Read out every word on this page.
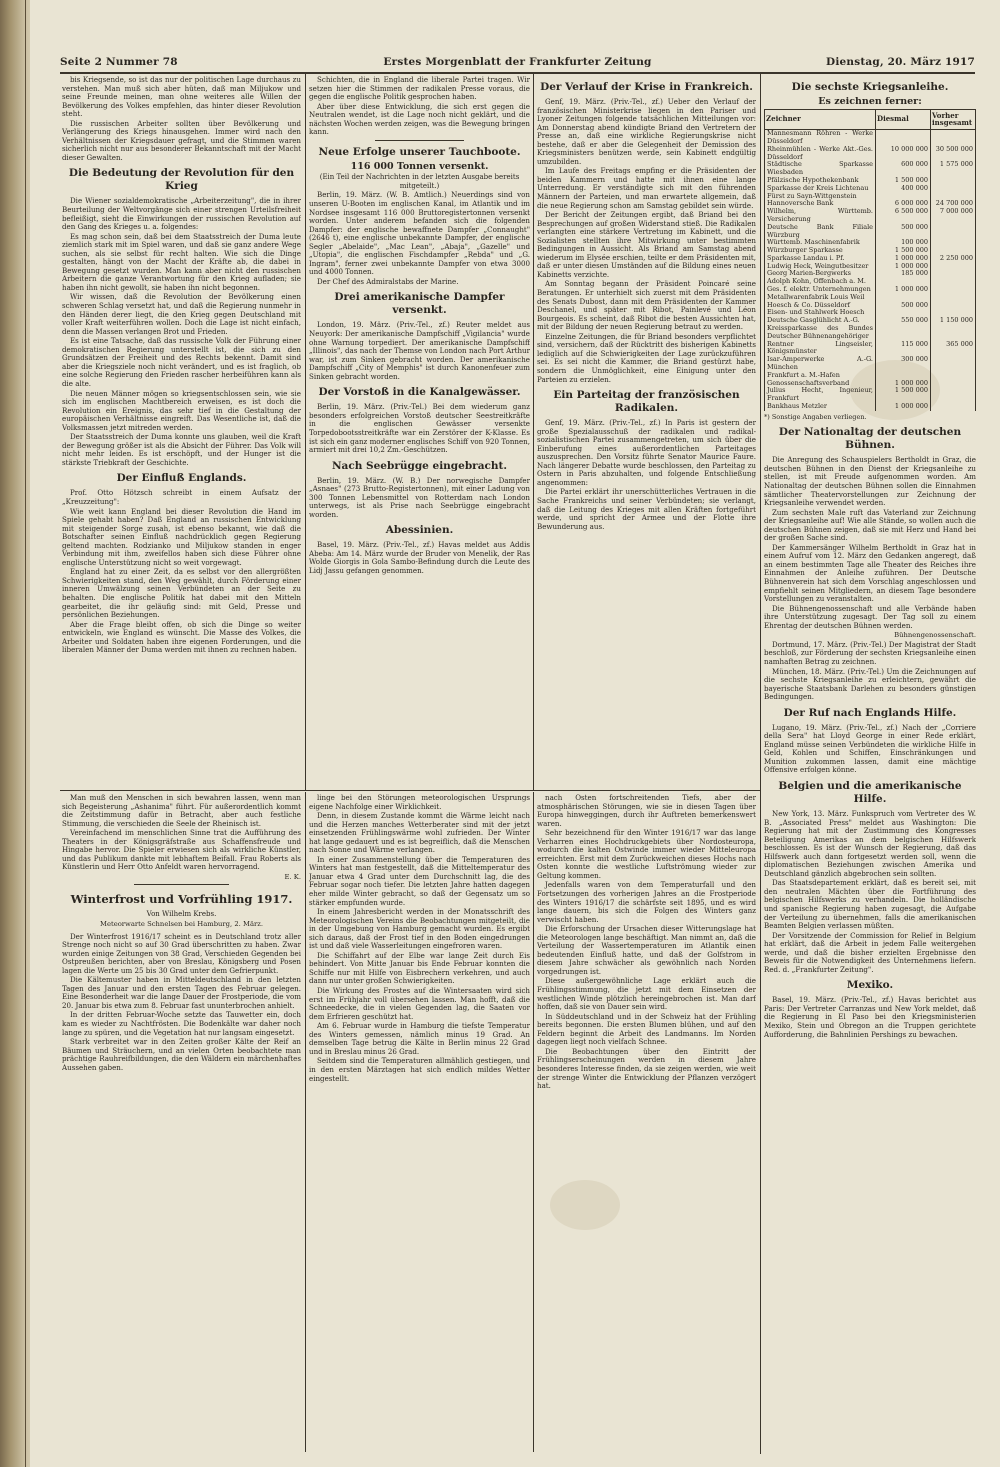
Seite 2 Nummer 78	Erstes Morgenblatt der Frankfurter Zeitung	Dienstag, 20. März 1917

bis Kriegsende, so ist das nur der politischen Lage durchaus zu verstehen. Man muß sich aber hüten, daß man Miljukow und seine Freunde meinen, man ohne weiteres alle Willen der Bevölkerung des Volkes empfehlen, das hinter dieser Revolution steht.

Die russischen Arbeiter sollten über Bevölkerung und Verlängerung des Kriegs hinausgehen. Immer wird nach den Verhältnissen der Kriegsdauer gefragt, und die Stimmen waren sicherlich nicht nur aus besonderer Bekanntschaft mit der Macht dieser Gewalten.

Die Bedeutung der Revolution für den Krieg

Die Wiener sozialdemokratische „Arbeiterzeitung", die in ihrer Beurteilung der Weltvorgänge sich einer strengen Urteilsfreiheit befleißigt, sieht die Einwirkungen der russischen Revolution auf den Gang des Krieges u. a. folgendes:

Es mag schon sein, daß bei dem Staatsstreich der Duma leute ziemlich stark mit im Spiel waren, und daß sie ganz andere Wege suchen, als sie selbst für recht halten. Wie sich die Dinge gestalten, hängt von der Macht der Kräfte ab, die dabei in Bewegung gesetzt wurden. Man kann aber nicht den russischen Arbeitern die ganze Verantwortung für den Krieg aufladen; sie haben ihn nicht gewollt, sie haben ihn nicht begonnen.

Wir wissen, daß die Revolution der Bevölkerung einen schweren Schlag versetzt hat, und daß die Regierung nunmehr in den Händen derer liegt, die den Krieg gegen Deutschland mit voller Kraft weiterführen wollen. Doch die Lage ist nicht einfach, denn die Massen verlangen Brot und Frieden.

Es ist eine Tatsache, daß das russische Volk der Führung einer demokratischen Regierung unterstellt ist, die sich zu den Grundsätzen der Freiheit und des Rechts bekennt. Damit sind aber die Kriegsziele noch nicht verändert, und es ist fraglich, ob eine solche Regierung den Frieden rascher herbeiführen kann als die alte.

Die neuen Männer mögen so kriegsentschlossen sein, wie sie sich im englischen Machtbereich erweisen, es ist doch die Revolution ein Ereignis, das sehr tief in die Gestaltung der europäischen Verhältnisse eingreift. Das Wesentliche ist, daß die Volksmassen jetzt mitreden werden.

Der Staatsstreich der Duma konnte uns glauben, weil die Kraft der Bewegung größer ist als die Absicht der Führer. Das Volk will nicht mehr leiden. Es ist erschöpft, und der Hunger ist die stärkste Triebkraft der Geschichte.

Der Einfluß Englands.

Prof. Otto Hötzsch schreibt in einem Aufsatz der „Kreuzzeitung":

Wie weit kann England bei dieser Revolution die Hand im Spiele gehabt haben? Daß England an russischen Entwicklung mit steigender Sorge zusah, ist ebenso bekannt, wie daß die Botschafter seinen Einfluß nachdrücklich gegen Regierung geltend machten. Rodzianko und Miljukow standen in enger Verbindung mit ihm, zweifellos haben sich diese Führer ohne englische Unterstützung nicht so weit vorgewagt.

England hat zu einer Zeit, da es selbst vor den allergrößten Schwierigkeiten stand, den Weg gewählt, durch Förderung einer inneren Umwälzung seinen Verbündeten an der Seite zu behalten. Die englische Politik hat dabei mit den Mitteln gearbeitet, die ihr geläufig sind: mit Geld, Presse und persönlichen Beziehungen.

Aber die Frage bleibt offen, ob sich die Dinge so weiter entwickeln, wie England es wünscht. Die Masse des Volkes, die Arbeiter und Soldaten haben ihre eigenen Forderungen, und die liberalen Männer der Duma werden mit ihnen zu rechnen haben.

Schichten, die in England die liberale Partei tragen. Wir setzen hier die Stimmen der radikalen Presse voraus, die gegen die englische Politik gesprochen haben.

Aber über diese Entwicklung, die sich erst gegen die Neutralen wendet, ist die Lage noch nicht geklärt, und die nächsten Wochen werden zeigen, was die Bewegung bringen kann.

Neue Erfolge unserer Tauchboote.
116 000 Tonnen versenkt.

(Ein Teil der Nachrichten in der letzten Ausgabe bereits mitgeteilt.)

Berlin, 19. März. (W. B. Amtlich.) Neuerdings sind von unseren U-Booten im englischen Kanal, im Atlantik und im Nordsee insgesamt 116 000 Bruttoregistertonnen versenkt worden. Unter anderem befanden sich die folgenden Dampfer: der englische bewaffnete Dampfer „Connaught" (2646 t), eine englische unbekannte Dampfer, der englische Segler „Abelaide", „Mac Lean", „Abaja", „Gazelle" und „Utopia", die englischen Fischdampfer „Rebda" und „G. Ingram", ferner zwei unbekannte Dampfer von etwa 3000 und 4000 Tonnen.

Der Chef des Admiralstabs der Marine.

Drei amerikanische Dampfer versenkt.

London, 19. März. (Priv.-Tel., zf.) Reuter meldet aus Neuyork: Der amerikanische Dampfschiff „Vigilancia" wurde ohne Warnung torpediert. Der amerikanische Dampfschiff „Illinois", das nach der Themse von London nach Port Arthur war, ist zum Sinken gebracht worden. Der amerikanische Dampfschiff „City of Memphis" ist durch Kanonenfeuer zum Sinken gebracht worden.

Der Vorstoß in die Kanalgewässer.

Berlin, 19. März. (Priv.-Tel.) Bei dem wiederum ganz besonders erfolgreichen Vorstoß deutscher Seestreitkräfte in die englischen Gewässer versenkte Torpedobootsstreitkräfte war ein Zerstörer der K-Klasse. Es ist sich ein ganz moderner englisches Schiff von 920 Tonnen, armiert mit drei 10,2 Zm.-Geschützen.

Nach Seebrügge eingebracht.

Berlin, 19. März. (W. B.) Der norwegische Dampfer „Asnaes" (273 Brutto-Registertonnen), mit einer Ladung von 300 Tonnen Lebensmittel von Rotterdam nach London unterwegs, ist als Prise nach Seebrügge eingebracht worden.

Abessinien.

Basel, 19. März. (Priv.-Tel., zf.) Havas meldet aus Addis Abeba: Am 14. März wurde der Bruder von Menelik, der Ras Wolde Giorgis in Gola Sambo-Befindung durch die Leute des Lidj Jassu gefangen genommen.

Der Verlauf der Krise in Frankreich.

Genf, 19. März. (Priv.-Tel., zf.) Ueber den Verlauf der französischen Ministerkrise liegen in den Pariser und Lyoner Zeitungen folgende tatsächlichen Mitteilungen vor: Am Donnerstag abend kündigte Briand den Vertretern der Presse an, daß eine wirkliche Regierungskrise nicht bestehe, daß er aber die Gelegenheit der Demission des Kriegsministers benützen werde, sein Kabinett endgültig umzubilden.

Im Laufe des Freitags empfing er die Präsidenten der beiden Kammern und hatte mit ihnen eine lange Unterredung. Er verständigte sich mit den führenden Männern der Parteien, und man erwartete allgemein, daß die neue Regierung schon am Samstag gebildet sein würde.

Der Bericht der Zeitungen ergibt, daß Briand bei den Besprechungen auf großen Widerstand stieß. Die Radikalen verlangten eine stärkere Vertretung im Kabinett, und die Sozialisten stellten ihre Mitwirkung unter bestimmten Bedingungen in Aussicht. Als Briand am Samstag abend wiederum im Elysée erschien, teilte er dem Präsidenten mit, daß er unter diesen Umständen auf die Bildung eines neuen Kabinetts verzichte.

Am Sonntag begann der Präsident Poincaré seine Beratungen. Er unterhielt sich zuerst mit dem Präsidenten des Senats Dubost, dann mit dem Präsidenten der Kammer Deschanel, und später mit Ribot, Painlevé und Léon Bourgeois. Es scheint, daß Ribot die besten Aussichten hat, mit der Bildung der neuen Regierung betraut zu werden.

Einzelne Zeitungen, die für Briand besonders verpflichtet sind, versichern, daß der Rücktritt des bisherigen Kabinetts lediglich auf die Schwierigkeiten der Lage zurückzuführen sei. Es sei nicht die Kammer, die Briand gestürzt habe, sondern die Unmöglichkeit, eine Einigung unter den Parteien zu erzielen.

Ein Parteitag der französischen Radikalen.

Genf, 19. März. (Priv.-Tel., zf.) In Paris ist gestern der große Spezialausschuß der radikalen und radikal-sozialistischen Partei zusammengetreten, um sich über die Einberufung eines außerordentlichen Parteitages auszusprechen. Den Vorsitz führte Senator Maurice Faure. Nach längerer Debatte wurde beschlossen, den Parteitag zu Ostern in Paris abzuhalten, und folgende Entschließung angenommen:

Die Partei erklärt ihr unerschütterliches Vertrauen in die Sache Frankreichs und seiner Verbündeten; sie verlangt, daß die Leitung des Krieges mit allen Kräften fortgeführt werde, und spricht der Armee und der Flotte ihre Bewunderung aus.

Die sechste Kriegsanleihe.
Es zeichnen ferner:
Zeichner	Diesmal	Vorher insgesamt
Mannesmann Röhren - Werke Düsseldorf		
Rheinmühlen - Werke Akt.-Ges. Düsseldorf	10 000 000	30 500 000
Städtische Sparkasse Wiesbaden	600 000	1 575 000
Pfälzische Hypothekenbank	1 500 000	
Sparkasse der Kreis Lichtenau	400 000	
Fürst zu Sayn-Wittgenstein		
Hannoversche Bank	6 000 000	24 700 000
Wilhelm, Württemb. Versicherung	6 500 000	7 000 000
Deutsche Bank Filiale Würzburg	500 000	
Württemb. Maschinenfabrik	100 000	
Würzburger Sparkasse	1 500 000	
Sparkasse Landau i. Pf.	1 000 000	2 250 000
Ludwig Heck, Weingutbesitzer	1 000 000	
Georg Marien-Bergwerks	185 000	
Adolph Kohn, Offenbach a. M.		
Ges. f. elektr. Unternehmungen	1 000 000	
Metallwarenfabrik Louis Weil		
Hoesch & Co. Düsseldorf	500 000	
Eisen- und Stahlwerk Hoesch		
Deutsche Gasglühlicht A.-G.	550 000	1 150 000
Kreissparkasse des Bundes Deutscher Bühnenangehöriger		
Rentner Lingseisler, Königsmünster	115 000	365 000
Isar-Amperwerke A.-G. München	300 000	
Frankfurt a. M.-Hafen		
Genossenschaftsverband	1 000 000	
Julius Hecht, Ingenieur, Frankfurt	1 500 000	
Bankhaus Metzler	1 000 000	

*) Sonstige Angaben verliegen.

Der Nationaltag der deutschen Bühnen.

Die Anregung des Schauspielers Bertholdt in Graz, die deutschen Bühnen in den Dienst der Kriegsanleihe zu stellen, ist mit Freude aufgenommen worden. Am Nationaltag der deutschen Bühnen sollen die Einnahmen sämtlicher Theatervorstellungen zur Zeichnung der Kriegsanleihe verwendet werden.

Zum sechsten Male ruft das Vaterland zur Zeichnung der Kriegsanleihe auf! Wie alle Stände, so wollen auch die deutschen Bühnen zeigen, daß sie mit Herz und Hand bei der großen Sache sind.

Der Kammersänger Wilhelm Bertholdt in Graz hat in einem Aufruf vom 12. März den Gedanken angeregt, daß an einem bestimmten Tage alle Theater des Reiches ihre Einnahmen der Anleihe zuführen. Der Deutsche Bühnenverein hat sich dem Vorschlag angeschlossen und empfiehlt seinen Mitgliedern, an diesem Tage besondere Vorstellungen zu veranstalten.

Die Bühnengenossenschaft und alle Verbände haben ihre Unterstützung zugesagt. Der Tag soll zu einem Ehrentag der deutschen Bühnen werden.

Bühnengenossenschaft.

Dortmund, 17. März. (Priv.-Tel.) Der Magistrat der Stadt beschloß, zur Förderung der sechsten Kriegsanleihe einen namhaften Betrag zu zeichnen.

München, 18. März. (Priv.-Tel.) Um die Zeichnungen auf die sechste Kriegsanleihe zu erleichtern, gewährt die bayerische Staatsbank Darlehen zu besonders günstigen Bedingungen.

Der Ruf nach Englands Hilfe.

Lugano, 19. März. (Priv.-Tel., zf.) Nach der „Corriere della Sera" hat Lloyd George in einer Rede erklärt, England müsse seinen Verbündeten die wirkliche Hilfe in Geld, Kohlen und Schiffen, Einschränkungen und Munition zukommen lassen, damit eine mächtige Offensive erfolgen könne.

Belgien und die amerikanische Hilfe.

New York, 13. März. Funkspruch vom Vertreter des W. B. „Associated Press" meldet aus Washington: Die Regierung hat mit der Zustimmung des Kongresses Beteiligung Amerikas an dem belgischen Hilfswerk beschlossen. Es ist der Wunsch der Regierung, daß das Hilfswerk auch dann fortgesetzt werden soll, wenn die diplomatischen Beziehungen zwischen Amerika und Deutschland gänzlich abgebrochen sein sollten.

Das Staatsdepartement erklärt, daß es bereit sei, mit den neutralen Mächten über die Fortführung des belgischen Hilfswerks zu verhandeln. Die holländische und spanische Regierung haben zugesagt, die Aufgabe der Verteilung zu übernehmen, falls die amerikanischen Beamten Belgien verlassen müßten.

Der Vorsitzende der Commission for Relief in Belgium hat erklärt, daß die Arbeit in jedem Falle weitergehen werde, und daß die bisher erzielten Ergebnisse den Beweis für die Notwendigkeit des Unternehmens liefern. Red. d. „Frankfurter Zeitung".

Mexiko.

Basel, 19. März. (Priv.-Tel., zf.) Havas berichtet aus Paris: Der Vertreter Carranzas und New York meldet, daß die Regierung in El Paso bei den Kriegsministerien Mexiko, Stein und Obregon an die Truppen gerichtete Aufforderung, die Bahnlinien Pershings zu bewachen.

Man muß den Menschen in sich bewahren lassen, wenn man sich Begeisterung „Ashanima" führt. Für außerordentlich kommt die Zeitstimmung dafür in Betracht, aber auch festliche Stimmung, die verschieden die Seele der Rheinisch ist.

Vereinfachend im menschlichen Sinne trat die Aufführung des Theaters in der Königsgräfstraße aus Schaffensfreude und Hingabe hervor. Die Spieler erwiesen sich als wirkliche Künstler, und das Publikum dankte mit lebhaftem Beifall. Frau Roberts als Künstlerin und Herr Otto Anfeldt waren hervorragend.

E. K.

Winterfrost und Vorfrühling 1917.

Von Wilhelm Krebs.

Meteorwarte Schnelsen bei Hamburg, 2. März.

Der Winterfrost 1916/17 scheint es in Deutschland trotz aller Strenge noch nicht so auf 30 Grad überschritten zu haben. Zwar wurden einige Zeitungen von 38 Grad, Verschieden Gegenden bei Ostpreußen berichten, aber von Breslau, Königsberg und Posen lagen die Werte um 25 bis 30 Grad unter dem Gefrierpunkt.

Die Kältemuster haben in Mitteldeutschland in den letzten Tagen des Januar und den ersten Tagen des Februar gelegen. Eine Besonderheit war die lange Dauer der Frostperiode, die vom 20. Januar bis etwa zum 8. Februar fast ununterbrochen anhielt.

In der dritten Februar-Woche setzte das Tauwetter ein, doch kam es wieder zu Nachtfrösten. Die Bodenkälte war daher noch lange zu spüren, und die Vegetation hat nur langsam eingesetzt.

Stark verbreitet war in den Zeiten großer Kälte der Reif an Bäumen und Sträuchern, und an vielen Orten beobachtete man prächtige Rauhreifbildungen, die den Wäldern ein märchenhaftes Aussehen gaben.

linge bei den Störungen meteorologischen Ursprungs eigene Nachfolge einer Wirklichkeit.

Denn, in diesem Zustande kommt die Wärme leicht nach und die Herzen manches Wetterberater sind mit der jetzt einsetzenden Frühlingswärme wohl zufrieden. Der Winter hat lange gedauert und es ist begreiflich, daß die Menschen nach Sonne und Wärme verlangen.

In einer Zusammenstellung über die Temperaturen des Winters hat man festgestellt, daß die Mitteltemperatur des Januar etwa 4 Grad unter dem Durchschnitt lag, die des Februar sogar noch tiefer. Die letzten Jahre hatten dagegen eher milde Winter gebracht, so daß der Gegensatz um so stärker empfunden wurde.

In einem Jahresbericht werden in der Monatsschrift des Meteorologischen Vereins die Beobachtungen mitgeteilt, die in der Umgebung von Hamburg gemacht wurden. Es ergibt sich daraus, daß der Frost tief in den Boden eingedrungen ist und daß viele Wasserleitungen eingefroren waren.

Die Schiffahrt auf der Elbe war lange Zeit durch Eis behindert. Von Mitte Januar bis Ende Februar konnten die Schiffe nur mit Hilfe von Eisbrechern verkehren, und auch dann nur unter großen Schwierigkeiten.

Die Wirkung des Frostes auf die Wintersaaten wird sich erst im Frühjahr voll übersehen lassen. Man hofft, daß die Schneedecke, die in vielen Gegenden lag, die Saaten vor dem Erfrieren geschützt hat.

Am 6. Februar wurde in Hamburg die tiefste Temperatur des Winters gemessen, nämlich minus 19 Grad. An demselben Tage betrug die Kälte in Berlin minus 22 Grad und in Breslau minus 26 Grad.

Seitdem sind die Temperaturen allmählich gestiegen, und in den ersten Märztagen hat sich endlich mildes Wetter eingestellt.

nach Osten fortschreitenden Tiefs, aber der atmosphärischen Störungen, wie sie in diesen Tagen über Europa hinweggingen, durch ihr Auftreten bemerkenswert waren.

Sehr bezeichnend für den Winter 1916/17 war das lange Verharren eines Hochdruckgebiets über Nordosteuropa, wodurch die kalten Ostwinde immer wieder Mitteleuropa erreichten. Erst mit dem Zurückweichen dieses Hochs nach Osten konnte die westliche Luftströmung wieder zur Geltung kommen.

Jedenfalls waren von dem Temperaturfall und den Fortsetzungen des vorherigen Jahres an die Frostperiode des Winters 1916/17 die schärfste seit 1895, und es wird lange dauern, bis sich die Folgen des Winters ganz verwischt haben.

Die Erforschung der Ursachen dieser Witterungslage hat die Meteorologen lange beschäftigt. Man nimmt an, daß die Verteilung der Wassertemperaturen im Atlantik einen bedeutenden Einfluß hatte, und daß der Golfstrom in diesem Jahre schwächer als gewöhnlich nach Norden vorgedrungen ist.

Diese außergewöhnliche Lage erklärt auch die Frühlingsstimmung, die jetzt mit dem Einsetzen der westlichen Winde plötzlich hereingebrochen ist. Man darf hoffen, daß sie von Dauer sein wird.

In Süddeutschland und in der Schweiz hat der Frühling bereits begonnen. Die ersten Blumen blühen, und auf den Feldern beginnt die Arbeit des Landmanns. Im Norden dagegen liegt noch vielfach Schnee.

Die Beobachtungen über den Eintritt der Frühlingserscheinungen werden in diesem Jahre besonderes Interesse finden, da sie zeigen werden, wie weit der strenge Winter die Entwicklung der Pflanzen verzögert hat.
